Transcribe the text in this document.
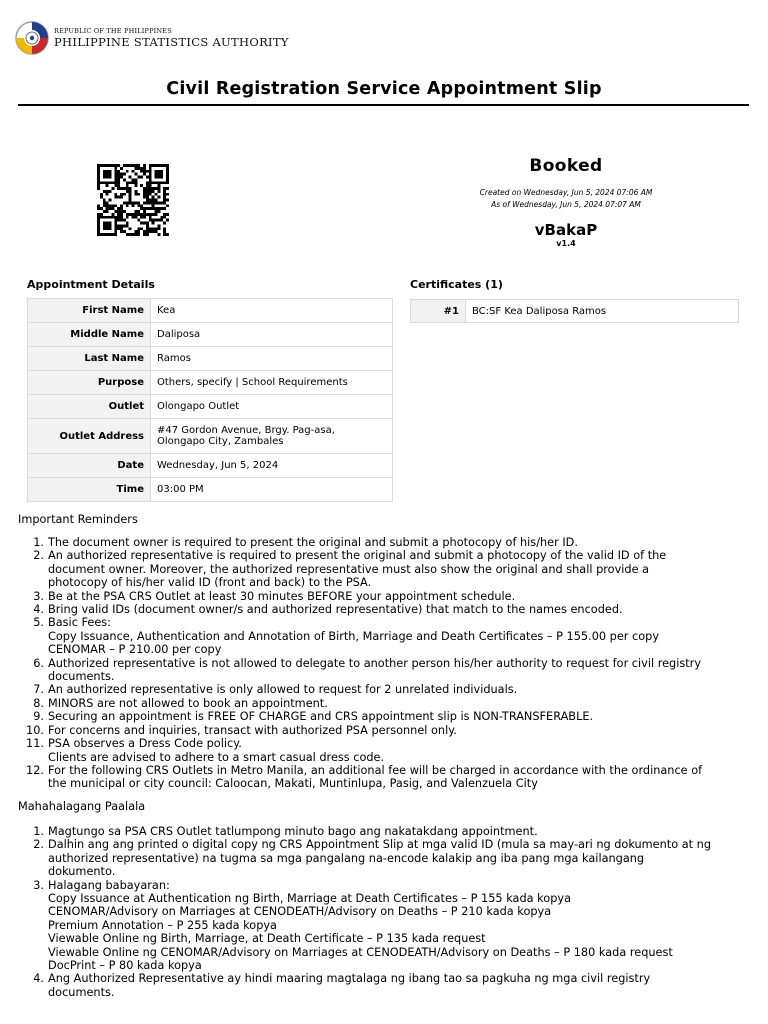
REPUBLIC OF THE PHILIPPINES
PHILIPPINE STATISTICS AUTHORITY
Civil Registration Service Appointment Slip
Booked
Created on Wednesday, Jun 5, 2024 07:06 AM
As of Wednesday, Jun 5, 2024 07:07 AM
vBakaP
v1.4
Appointment Details	Certificates (1)
First Name	Kea
Middle Name	Daliposa
Last Name	Ramos
Purpose	Others, specify | School Requirements
Outlet	Olongapo Outlet
Outlet Address	#47 Gordon Avenue, Brgy. Pag-asa,
Olongapo City, Zambales

Date	Wednesday, Jun 5, 2024
Time	03:00 PM
#1	BC:SF Kea Daliposa Ramos
Important Reminders
1. The document owner is required to present the original and submit a photocopy of his/her ID.
2. An authorized representative is required to present the original and submit a photocopy of the valid ID of the
document owner. Moreover, the authorized representative must also show the original and shall provide a
photocopy of his/her valid ID (front and back) to the PSA.
3. Be at the PSA CRS Outlet at least 30 minutes BEFORE your appointment schedule.
4. Bring valid IDs (document owner/s and authorized representative) that match to the names encoded.
5. Basic Fees:
Copy Issuance, Authentication and Annotation of Birth, Marriage and Death Certificates – P 155.00 per copy
CENOMAR – P 210.00 per copy
6. Authorized representative is not allowed to delegate to another person his/her authority to request for civil registry
documents.
7. An authorized representative is only allowed to request for 2 unrelated individuals.
8. MINORS are not allowed to book an appointment.
9. Securing an appointment is FREE OF CHARGE and CRS appointment slip is NON-TRANSFERABLE.
10. For concerns and inquiries, transact with authorized PSA personnel only.
11. PSA observes a Dress Code policy.
Clients are advised to adhere to a smart casual dress code.
12. For the following CRS Outlets in Metro Manila, an additional fee will be charged in accordance with the ordinance of
the municipal or city council: Caloocan, Makati, Muntinlupa, Pasig, and Valenzuela City
Mahahalagang Paalala
1. Magtungo sa PSA CRS Outlet tatlumpong minuto bago ang nakatakdang appointment.
2. Dalhin ang ang printed o digital copy ng CRS Appointment Slip at mga valid ID (mula sa may-ari ng dokumento at ng
authorized representative) na tugma sa mga pangalang na-encode kalakip ang iba pang mga kailangang
dokumento.
3. Halagang babayaran:
Copy Issuance at Authentication ng Birth, Marriage at Death Certificates – P 155 kada kopya
CENOMAR/Advisory on Marriages at CENODEATH/Advisory on Deaths – P 210 kada kopya
Premium Annotation – P 255 kada kopya
Viewable Online ng Birth, Marriage, at Death Certificate – P 135 kada request
Viewable Online ng CENOMAR/Advisory on Marriages at CENODEATH/Advisory on Deaths – P 180 kada request
DocPrint – P 80 kada kopya
4. Ang Authorized Representative ay hindi maaring magtalaga ng ibang tao sa pagkuha ng mga civil registry
documents.
